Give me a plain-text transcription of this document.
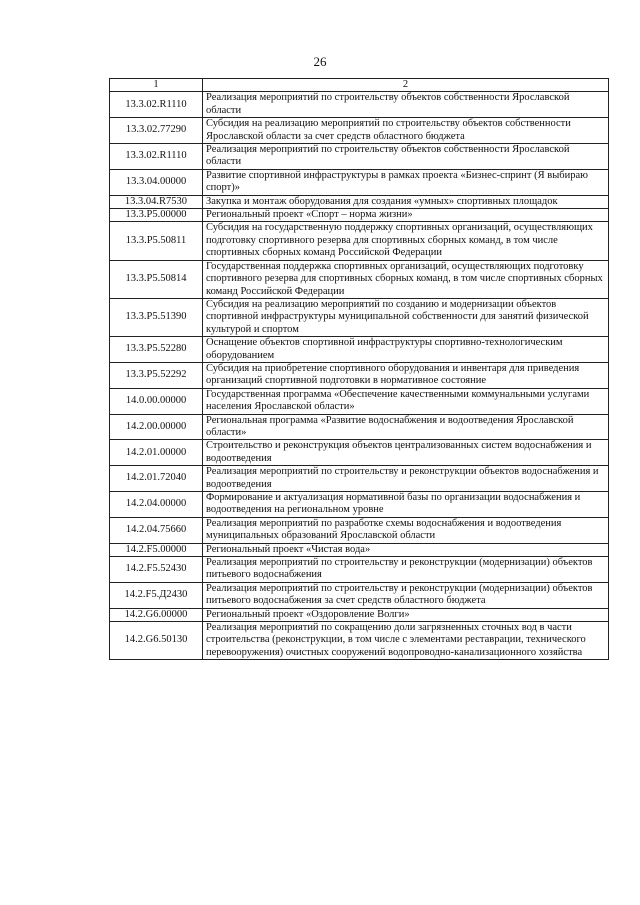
26
1	2
13.3.02.R1110	Реализация мероприятий по строительству объектов собственности Ярославской области
13.3.02.77290	Субсидия на реализацию мероприятий по строительству объектов собственности Ярославской области за счет средств областного бюджета
13.3.02.R1110	Реализация мероприятий по строительству объектов собственности Ярославской области
13.3.04.00000	Развитие спортивной инфраструктуры в рамках проекта «Бизнес-спринт (Я выбираю спорт)»
13.3.04.R7530	Закупка и монтаж оборудования для создания «умных» спортивных площадок
13.3.P5.00000	Региональный проект «Спорт – норма жизни»
13.3.P5.50811	Субсидия на государственную поддержку спортивных организаций, осуществляющих подготовку спортивного резерва для спортивных сборных команд, в том числе спортивных сборных команд Российской Федерации
13.3.P5.50814	Государственная поддержка спортивных организаций, осуществляющих подготовку спортивного резерва для спортивных сборных команд, в том числе спортивных сборных команд Российской Федерации
13.3.P5.51390	Субсидия на реализацию мероприятий по созданию и модернизации объектов спортивной инфраструктуры муниципальной собственности для занятий физической культурой и спортом
13.3.P5.52280	Оснащение объектов спортивной инфраструктуры спортивно-технологическим оборудованием
13.3.P5.52292	Субсидия на приобретение спортивного оборудования и инвентаря для приведения организаций спортивной подготовки в нормативное состояние
14.0.00.00000	Государственная программа «Обеспечение качественными коммунальными услугами населения Ярославской области»
14.2.00.00000	Региональная программа «Развитие водоснабжения и водоотведения Ярославской области»
14.2.01.00000	Строительство и реконструкция объектов централизованных систем водоснабжения и водоотведения
14.2.01.72040	Реализация мероприятий по строительству и реконструкции объектов водоснабжения и водоотведения
14.2.04.00000	Формирование и актуализация нормативной базы по организации водоснабжения и водоотведения на региональном уровне
14.2.04.75660	Реализация мероприятий по разработке схемы водоснабжения и водоотведения муниципальных образований Ярославской области
14.2.F5.00000	Региональный проект «Чистая вода»
14.2.F5.52430	Реализация мероприятий по строительству и реконструкции (модернизации) объектов питьевого водоснабжения
14.2.F5.Д2430	Реализация мероприятий по строительству и реконструкции (модернизации) объектов питьевого водоснабжения за счет средств областного бюджета
14.2.G6.00000	Региональный проект «Оздоровление Волги»
14.2.G6.50130	Реализация мероприятий по сокращению доли загрязненных сточных вод в части строительства (реконструкции, в том числе с элементами реставрации, технического перевооружения) очистных сооружений водопроводно-канализационного хозяйства
